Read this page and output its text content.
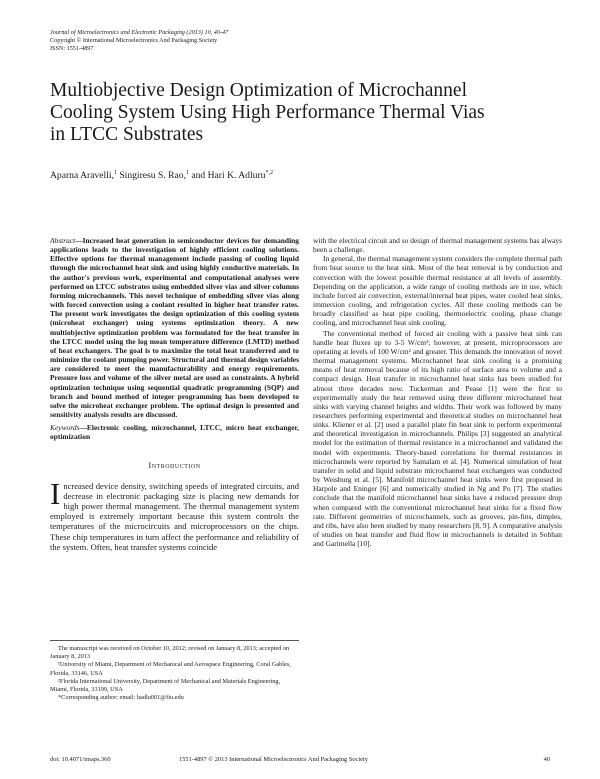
Journal of Microelectronics and Electronic Packaging (2013) 10, 40-47
Copyright © International Microelectronics And Packaging Society
ISSN: 1551-4897
Multiobjective Design Optimization of Microchannel
Cooling System Using High Performance Thermal Vias
in LTCC Substrates
Aparna Aravelli,$^1$ Singiresu S. Rao,$^1$ and Hari K. Adluru$^{*,2}$

Abstract—Increased heat generation in semiconductor devices for demanding applications leads to the investigation of highly efficient cooling solutions. Effective options for thermal management include passing of cooling liquid through the microchannel heat sink and using highly conductive materials. In the author's previous work, experimental and computational analyses were performed on LTCC substrates using embedded silver vias and silver columns forming microchannels. This novel technique of embedding silver vias along with forced convection using a coolant resulted in higher heat transfer rates. The present work investigates the design optimization of this cooling system (microheat exchanger) using systems optimization theory. A new multiobjective optimization problem was formulated for the heat transfer in the LTCC model using the log mean temperature difference (LMTD) method of heat exchangers. The goal is to maximize the total heat transferred and to minimize the coolant pumping power. Structural and thermal design variables are considered to meet the manufacturability and energy requirements. Pressure loss and volume of the silver metal are used as constraints. A hybrid optimization technique using sequential quadratic programming (SQP) and branch and bound method of integer programming has been developed to solve the microheat exchanger problem. The optimal design is presented and sensitivity analysis results are discussed.

Keywords—Electronic cooling, microchannel, LTCC, micro heat exchanger, optimization

Introduction

Increased device density, switching speeds of integrated circuits, and decrease in electronic packaging size is placing new demands for high power thermal management. The thermal management system employed is extremely important because this system controls the temperatures of the microcircuits and microprocessors on the chips. These chip temperatures in turn affect the performance and reliability of the system. Often, heat transfer systems coincide

The manuscript was received on October 10, 2012; revised on January 8, 2013; accepted on January 8, 2013

¹University of Miami, Department of Mechanical and Aerospace Engineering, Coral Gables, Florida, 33146, USA

²Florida International University, Department of Mechanical and Materials Engineering, Miami, Florida, 33199, USA

*Corresponding author; email: hadlu001@fiu.edu

with the electrical circuit and so design of thermal management systems has always been a challenge.

In general, the thermal management system considers the complete thermal path from heat source to the heat sink. Most of the heat removal is by conduction and convection with the lowest possible thermal resistance at all levels of assembly. Depending on the application, a wide range of cooling methods are in use, which include forced air convection, external/internal heat pipes, water cooled heat sinks, immersion cooling, and refrigeration cycles. All these cooling methods can be broadly classified as heat pipe cooling, thermoelectric cooling, phase change cooling, and microchannel heat sink cooling.

The conventional method of forced air cooling with a passive heat sink can handle heat fluxes up to 3-5 W/cm²; however, at present, microprocessors are operating at levels of 100 W/cm² and greater. This demands the innovation of novel thermal management systems. Microchannel heat sink cooling is a promising means of heat removal because of its high ratio of surface area to volume and a compact design. Heat transfer in microchannel heat sinks has been studied for almost three decades now. Tuckerman and Pease [1] were the first to experimentally study the heat removed using three different microchannel heat sinks with varying channel heights and widths. Their work was followed by many researchers performing experimental and theoretical studies on microchannel heat sinks. Kliener et al. [2] used a parallel plate fin heat sink to perform experimental and theoretical investigation in microchannels. Philips [3] suggested an analytical model for the estimation of thermal resistance in a microchannel and validated the model with experiments. Theory-based correlations for thermal resistances in microchannels were reported by Samalam et al. [4]. Numerical simulation of heat transfer in solid and liquid substrate microchannel heat exchangers was conducted by Weisburg et al. [5]. Manifold microchannel heat sinks were first proposed in Harpole and Eninger [6] and numerically studied in Ng and Po [7]. The studies conclude that the manifold microchannel heat sinks have a reduced pressure drop when compared with the conventional microchannel heat sinks for a fixed flow rate. Different geometries of microchannels, such as grooves, pin-fins, dimples, and ribs, have also been studied by many researchers [8, 9]. A comparative analysis of studies on heat transfer and fluid flow in microchannels is detailed in Sobhan and Garimella [10].

doi: 10.4071/imaps.360	1551-4897 © 2013 International Microelectronics And Packaging Society	40
